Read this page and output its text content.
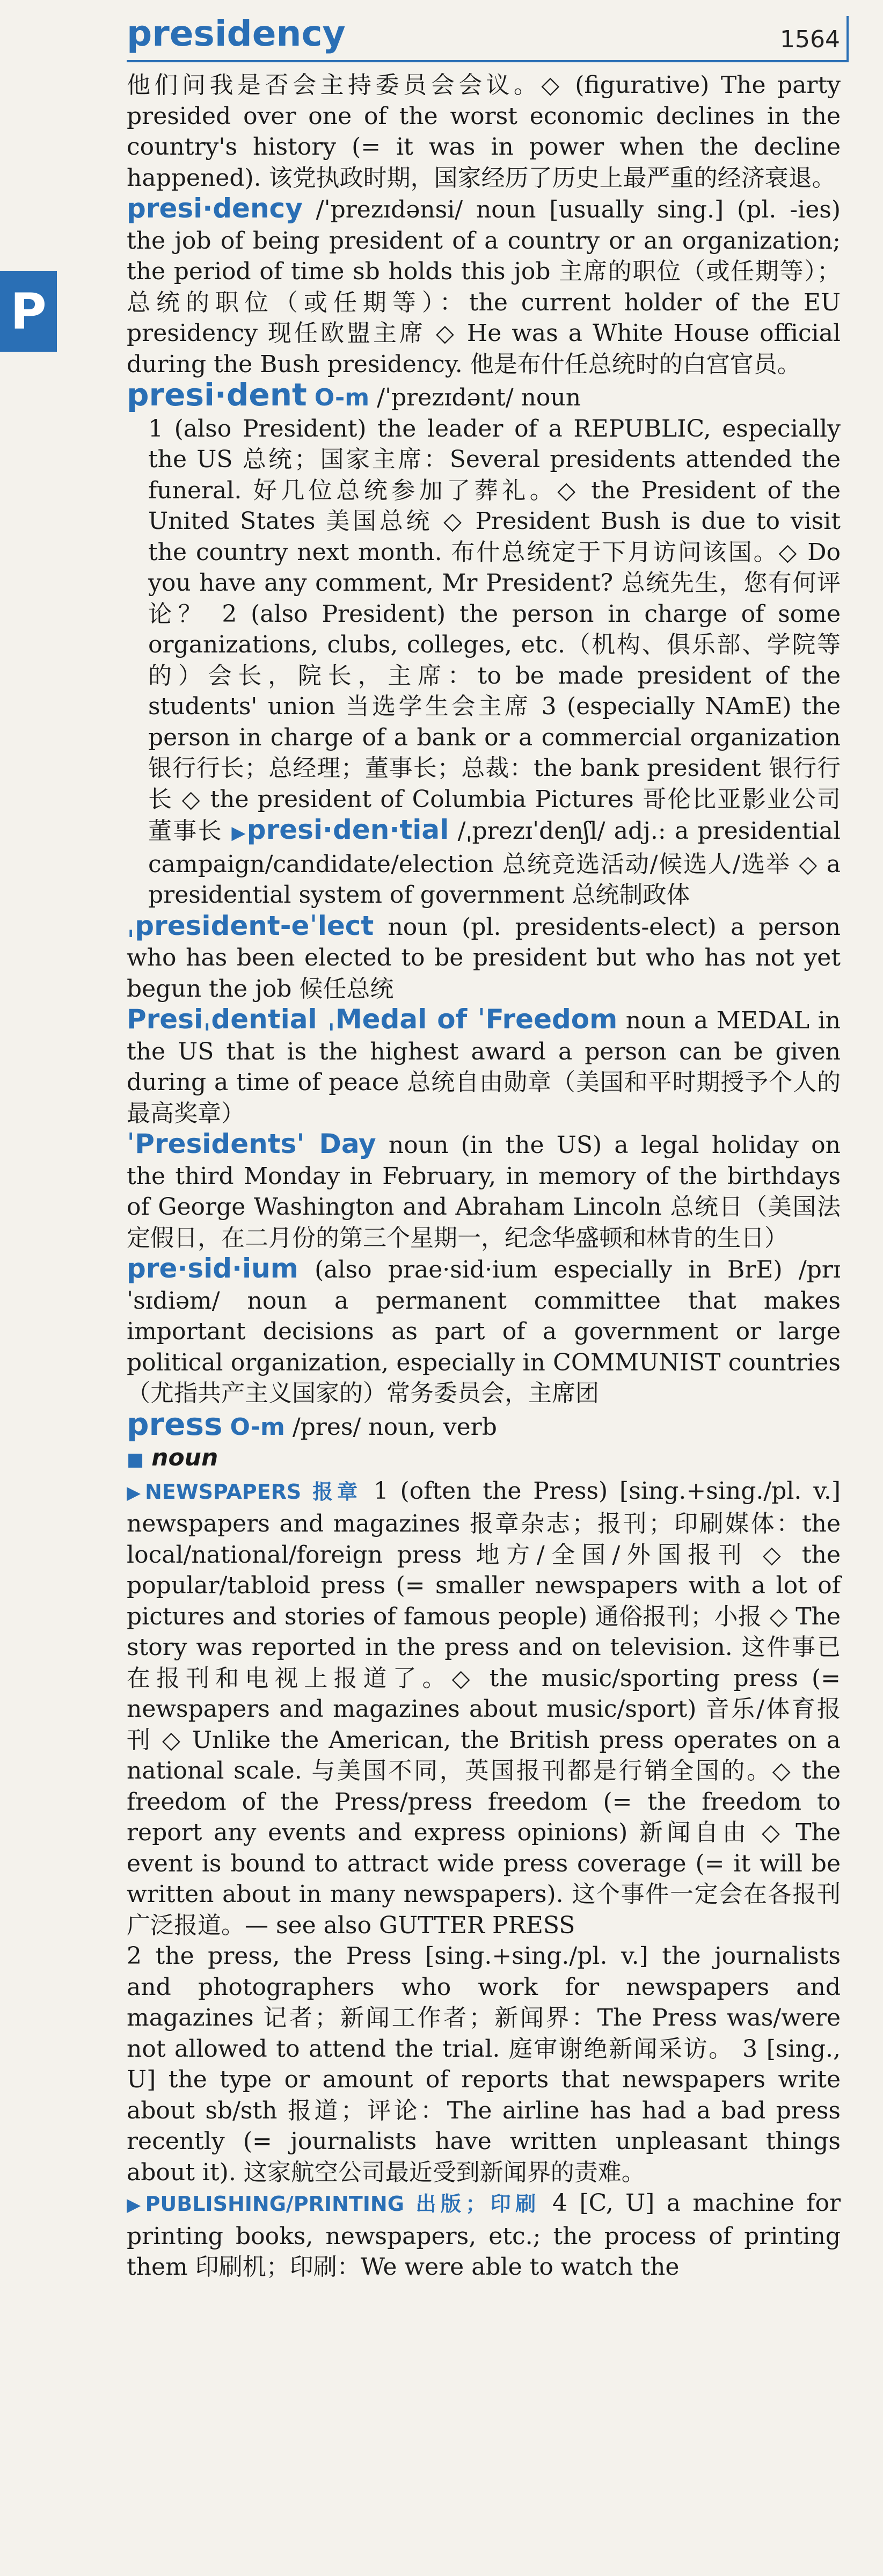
presidency	1564
P

他们问我是否会主持委员会会议。◇ (figurative) The party presided over one of the worst economic declines in the country's history (= it was in power when the decline happened). 该党执政时期，国家经历了历史上最严重的经济衰退。

presi·dency /ˈprezɪdənsi/ noun [usually sing.] (pl. -ies) the job of being president of a country or an organization; the period of time sb holds this job 主席的职位（或任期等）；总统的职位（或任期等）：the current holder of the EU presidency 现任欧盟主席 ◇ He was a White House official during the Bush presidency. 他是布什任总统时的白宫官员。

presi·dent O-m /ˈprezɪdənt/ noun

1 (also President) the leader of a REPUBLIC, especially the US 总统；国家主席：Several presidents attended the funeral. 好几位总统参加了葬礼。◇ the President of the United States 美国总统 ◇ President Bush is due to visit the country next month. 布什总统定于下月访问该国。◇ Do you have any comment, Mr President? 总统先生，您有何评论？ 2 (also President) the person in charge of some organizations, clubs, colleges, etc.（机构、俱乐部、学院等的）会长，院长，主席：to be made president of the students' union 当选学生会主席 3 (especially NAmE) the person in charge of a bank or a commercial organization 银行行长；总经理；董事长；总裁：the bank president 银行行长 ◇ the president of Columbia Pictures 哥伦比亚影业公司董事长 ▶presi·den·tial /ˌprezɪˈdenʃl/ adj.: a presidential campaign/candidate/election 总统竞选活动/候选人/选举 ◇ a presidential system of government 总统制政体

ˌpresident-eˈlect noun (pl. presidents-elect) a person who has been elected to be president but who has not yet begun the job 候任总统

Presiˌdential ˌMedal of ˈFreedom noun a MEDAL in the US that is the highest award a person can be given during a time of peace 总统自由勋章（美国和平时期授予个人的最高奖章）

ˈPresidents' Day noun (in the US) a legal holiday on the third Monday in February, in memory of the birthdays of George Washington and Abraham Lincoln 总统日（美国法定假日，在二月份的第三个星期一，纪念华盛顿和林肯的生日）

pre·sid·ium (also prae·sid·ium especially in BrE) /prɪˈsɪdiəm/ noun a permanent committee that makes important decisions as part of a government or large political organization, especially in COMMUNIST countries（尤指共产主义国家的）常务委员会，主席团

press O-m /pres/ noun, verb

■ noun

▶NEWSPAPERS 报章 1 (often the Press) [sing.+sing./pl. v.] newspapers and magazines 报章杂志；报刊；印刷媒体：the local/national/foreign press 地方/全国/外国报刊 ◇ the popular/tabloid press (= smaller newspapers with a lot of pictures and stories of famous people) 通俗报刊；小报 ◇ The story was reported in the press and on television. 这件事已在报刊和电视上报道了。◇ the music/sporting press (= newspapers and magazines about music/sport) 音乐/体育报刊 ◇ Unlike the American, the British press operates on a national scale. 与美国不同，英国报刊都是行销全国的。◇ the freedom of the Press/press freedom (= the freedom to report any events and express opinions) 新闻自由 ◇ The event is bound to attract wide press coverage (= it will be written about in many newspapers). 这个事件一定会在各报刊广泛报道。— see also GUTTER PRESS

2 the press, the Press [sing.+sing./pl. v.] the journalists and photographers who work for newspapers and magazines 记者；新闻工作者；新闻界：The Press was/were not allowed to attend the trial. 庭审谢绝新闻采访。 3 [sing., U] the type or amount of reports that newspapers write about sb/sth 报道；评论：The airline has had a bad press recently (= journalists have written unpleasant things about it). 这家航空公司最近受到新闻界的责难。

▶PUBLISHING/PRINTING 出版；印刷 4 [C, U] a machine for printing books, newspapers, etc.; the process of printing them 印刷机；印刷：We were able to watch the
